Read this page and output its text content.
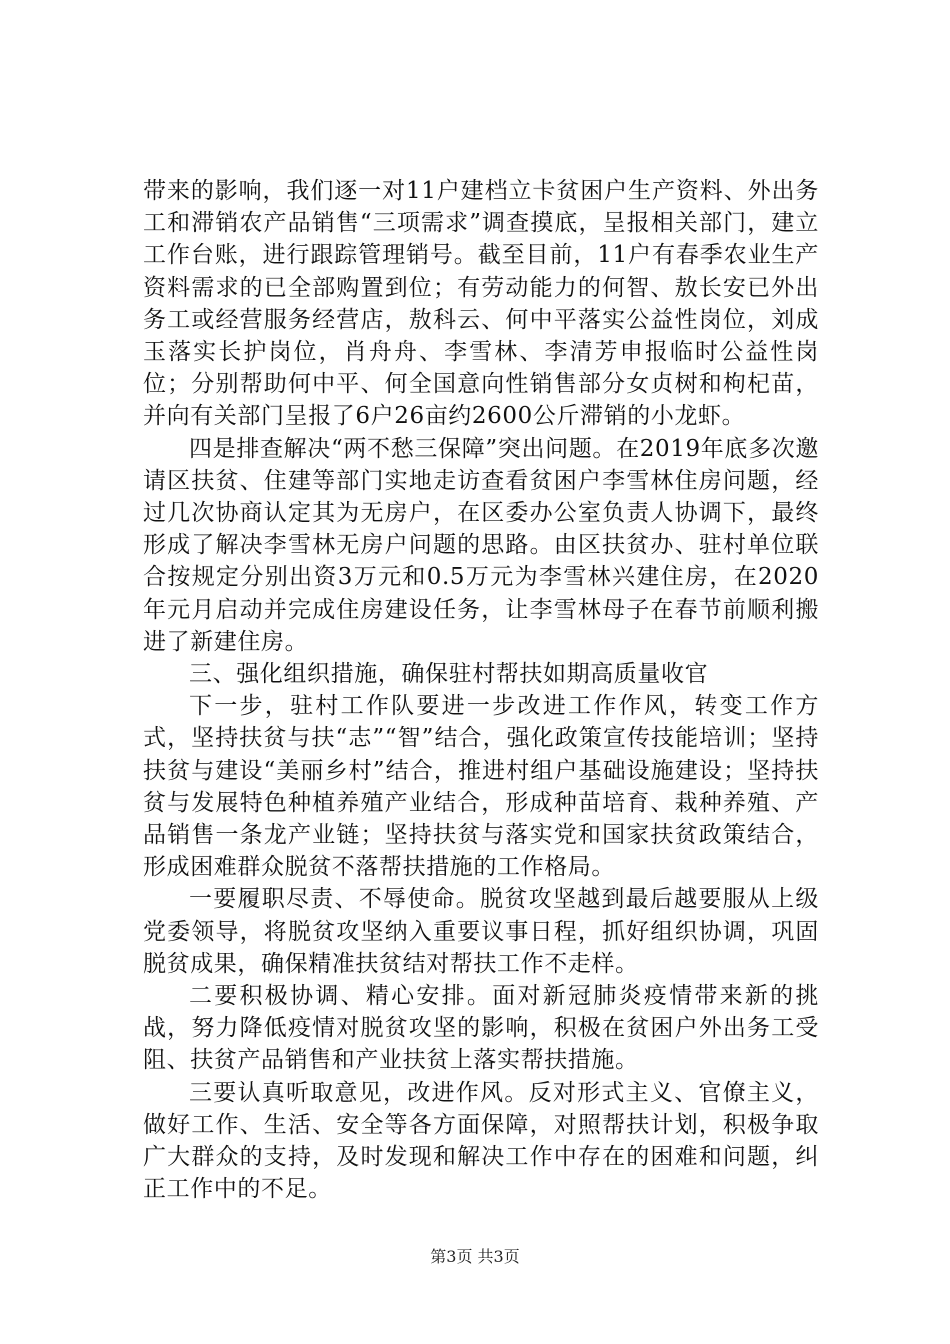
带来的影响，我们逐一对11户建档立卡贫困户生产资料、外出务工和滞销农产品销售“三项需求”调查摸底，呈报相关部门，建立工作台账，进行跟踪管理销号。截至目前，11户有春季农业生产资料需求的已全部购置到位；有劳动能力的何智、敖长安已外出务工或经营服务经营店，敖科云、何中平落实公益性岗位，刘成玉落实长护岗位，肖舟舟、李雪林、李清芳申报临时公益性岗位；分别帮助何中平、何全国意向性销售部分女贞树和枸杞苗，并向有关部门呈报了6户26亩约2600公斤滞销的小龙虾。

四是排查解决“两不愁三保障”突出问题。在2019年底多次邀请区扶贫、住建等部门实地走访查看贫困户李雪林住房问题，经过几次协商认定其为无房户，在区委办公室负责人协调下，最终形成了解决李雪林无房户问题的思路。由区扶贫办、驻村单位联合按规定分别出资3万元和0.5万元为李雪林兴建住房，在2020年元月启动并完成住房建设任务，让李雪林母子在春节前顺利搬进了新建住房。

三、强化组织措施，确保驻村帮扶如期高质量收官

下一步，驻村工作队要进一步改进工作作风，转变工作方式，坚持扶贫与扶“志”“智”结合，强化政策宣传技能培训；坚持扶贫与建设“美丽乡村”结合，推进村组户基础设施建设；坚持扶贫与发展特色种植养殖产业结合，形成种苗培育、栽种养殖、产品销售一条龙产业链；坚持扶贫与落实党和国家扶贫政策结合，形成困难群众脱贫不落帮扶措施的工作格局。

一要履职尽责、不辱使命。脱贫攻坚越到最后越要服从上级党委领导，将脱贫攻坚纳入重要议事日程，抓好组织协调，巩固脱贫成果，确保精准扶贫结对帮扶工作不走样。

二要积极协调、精心安排。面对新冠肺炎疫情带来新的挑战，努力降低疫情对脱贫攻坚的影响，积极在贫困户外出务工受阻、扶贫产品销售和产业扶贫上落实帮扶措施。

三要认真听取意见，改进作风。反对形式主义、官僚主义，做好工作、生活、安全等各方面保障，对照帮扶计划，积极争取广大群众的支持，及时发现和解决工作中存在的困难和问题，纠正工作中的不足。

第3页 共3页
